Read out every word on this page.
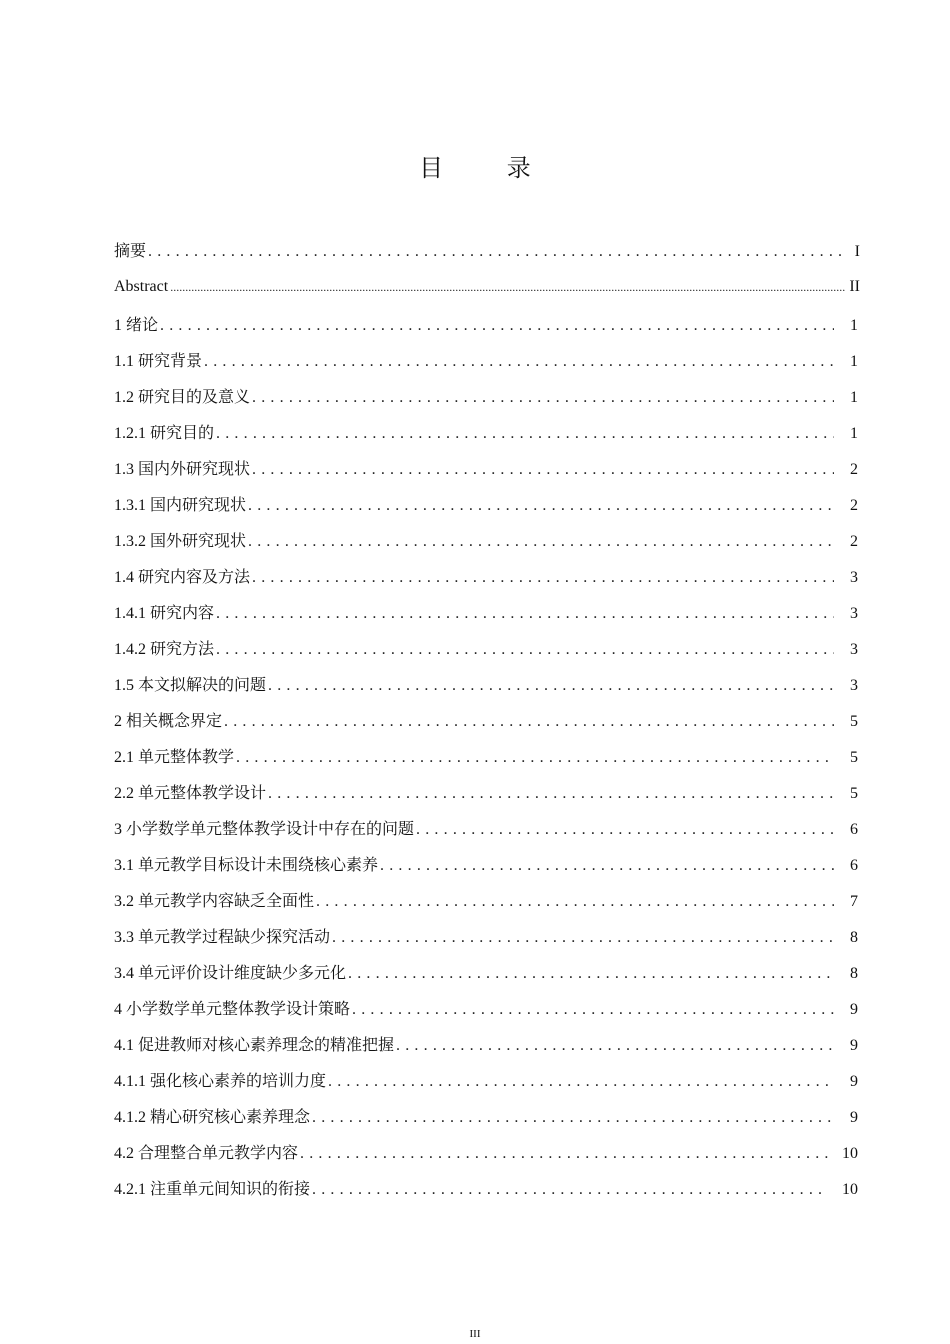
目 录
摘要 . . .	I
Abstract .....	II
1 绪论 . . .	1
1.1 研究背景 . . .	1
1.2 研究目的及意义 . . .	1
1.2.1 研究目的 . . .	1
1.3 国内外研究现状 . . .	2
1.3.1 国内研究现状 . . .	2
1.3.2 国外研究现状 . . .	2
1.4 研究内容及方法 . . .	3
1.4.1 研究内容 . . .	3
1.4.2 研究方法 . . .	3
1.5 本文拟解决的问题 . . .	3
2 相关概念界定 . . .	5
2.1 单元整体教学 . . .	5
2.2 单元整体教学设计 . . .	5
3 小学数学单元整体教学设计中存在的问题 . . .	6
3.1 单元教学目标设计未围绕核心素养 . . .	6
3.2 单元教学内容缺乏全面性 . . .	7
3.3 单元教学过程缺少探究活动 . . .	8
3.4 单元评价设计维度缺少多元化 . . .	8
4 小学数学单元整体教学设计策略 . . .	9
4.1 促进教师对核心素养理念的精准把握 . . .	9
4.1.1 强化核心素养的培训力度 . . .	9
4.1.2 精心研究核心素养理念 . . .	9
4.2 合理整合单元教学内容 . . .	10
4.2.1 注重单元间知识的衔接 . . .	10
III
